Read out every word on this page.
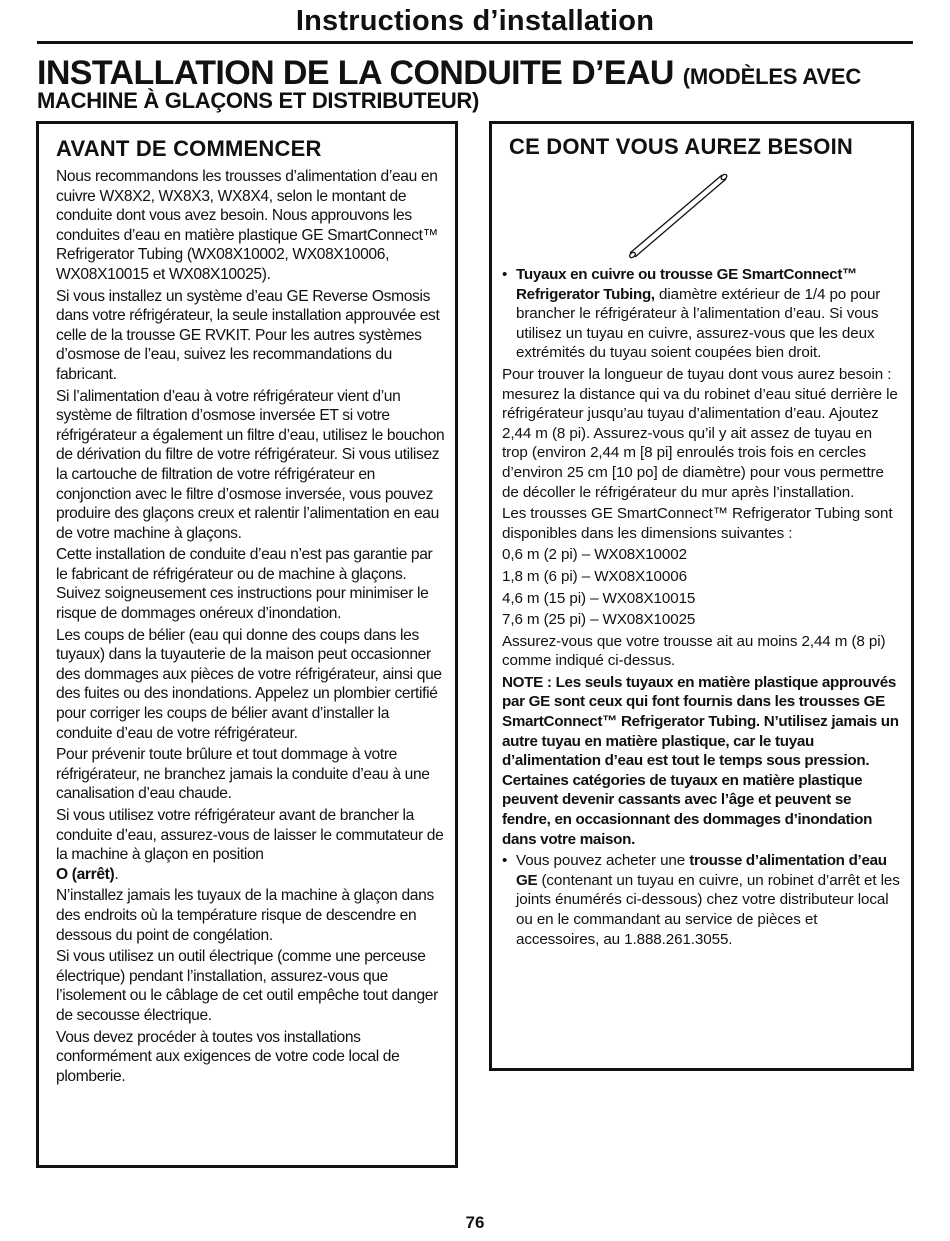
Instructions d’installation
INSTALLATION DE LA CONDUITE D’EAU (MODÈLES AVEC
MACHINE À GLAÇONS ET DISTRIBUTEUR)
AVANT DE COMMENCER

Nous recommandons les trousses d’alimentation d’eau en cuivre WX8X2, WX8X3, WX8X4, selon le montant de conduite dont vous avez besoin. Nous approuvons les conduites d’eau en matière plastique GE SmartConnect™ Refrigerator Tubing (WX08X10002, WX08X10006, WX08X10015 et WX08X10025).

Si vous installez un système d’eau GE Reverse Osmosis dans votre réfrigérateur, la seule installation approuvée est celle de la trousse GE RVKIT. Pour les autres systèmes d’osmose de l’eau, suivez les recommandations du fabricant.

Si l’alimentation d’eau à votre réfrigérateur vient d’un système de filtration d’osmose inversée ET si votre réfrigérateur a également un filtre d’eau, utilisez le bouchon de dérivation du filtre de votre réfrigérateur. Si vous utilisez la cartouche de filtration de votre réfrigérateur en conjonction avec le filtre d’osmose inversée, vous pouvez produire des glaçons creux et ralentir l’alimentation en eau de votre machine à glaçons.

Cette installation de conduite d’eau n’est pas garantie par le fabricant de réfrigérateur ou de machine à glaçons. Suivez soigneusement ces instructions pour minimiser le risque de dommages onéreux d’inondation.

Les coups de bélier (eau qui donne des coups dans les tuyaux) dans la tuyauterie de la maison peut occasionner des dommages aux pièces de votre réfrigérateur, ainsi que des fuites ou des inondations. Appelez un plombier certifié pour corriger les coups de bélier avant d’installer la conduite d’eau de votre réfrigérateur.

Pour prévenir toute brûlure et tout dommage à votre réfrigérateur, ne branchez jamais la conduite d’eau à une canalisation d’eau chaude.

Si vous utilisez votre réfrigérateur avant de brancher la conduite d’eau, assurez-vous de laisser le commutateur de la machine à glaçon en position
O (arrêt).

N’installez jamais les tuyaux de la machine à glaçon dans des endroits où la température risque de descendre en dessous du point de congélation.

Si vous utilisez un outil électrique (comme une perceuse électrique) pendant l’installation, assurez-vous que l’isolement ou le câblage de cet outil empêche tout danger de secousse électrique.

Vous devez procéder à toutes vos installations conformément aux exigences de votre code local de plomberie.

CE DONT VOUS AUREZ BESOIN
• Tuyaux en cuivre ou trousse GE SmartConnect™ Refrigerator Tubing, diamètre extérieur de 1/4 po pour brancher le réfrigérateur à l’alimentation d’eau. Si vous utilisez un tuyau en cuivre, assurez-vous que les deux extrémités du tuyau soient coupées bien droit.

Pour trouver la longueur de tuyau dont vous aurez besoin : mesurez la distance qui va du robinet d’eau situé derrière le réfrigérateur jusqu’au tuyau d’alimentation d’eau. Ajoutez 2,44 m (8 pi). Assurez-vous qu’il y ait assez de tuyau en trop (environ 2,44 m [8 pi] enroulés trois fois en cercles d’environ 25 cm [10 po] de diamètre) pour vous permettre de décoller le réfrigérateur du mur après l’installation.

Les trousses GE SmartConnect™ Refrigerator Tubing sont disponibles dans les dimensions suivantes :

0,6 m (2 pi) – WX08X10002

1,8 m (6 pi) – WX08X10006

4,6 m (15 pi) – WX08X10015

7,6 m (25 pi) – WX08X10025

Assurez-vous que votre trousse ait au moins 2,44 m (8 pi) comme indiqué ci-dessus.

NOTE : Les seuls tuyaux en matière plastique approuvés par GE sont ceux qui font fournis dans les trousses GE SmartConnect™ Refrigerator Tubing. N’utilisez jamais un autre tuyau en matière plastique, car le tuyau d’alimentation d’eau est tout le temps sous pression. Certaines catégories de tuyaux en matière plastique peuvent devenir cassants avec l’âge et peuvent se fendre, en occasionnant des dommages d’inondation dans votre maison.

• Vous pouvez acheter une trousse d’alimentation d’eau GE (contenant un tuyau en cuivre, un robinet d’arrêt et les joints énumérés ci-dessous) chez votre distributeur local ou en le commandant au service de pièces et accessoires, au 1.888.261.3055.
76
